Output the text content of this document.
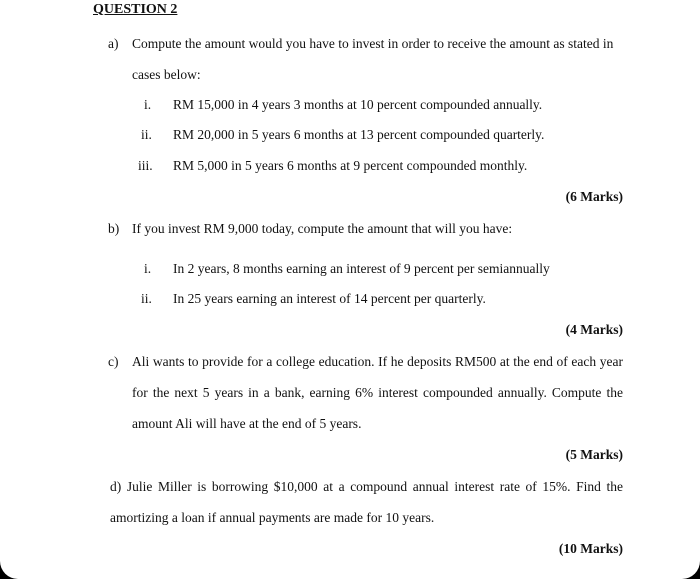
QUESTION 2
a) Compute the amount would you have to invest in order to receive the amount as stated in
cases below:
i. RM 15,000 in 4 years 3 months at 10 percent compounded annually.
ii. RM 20,000 in 5 years 6 months at 13 percent compounded quarterly.
iii. RM 5,000 in 5 years 6 months at 9 percent compounded monthly.
(6 Marks)
b) If you invest RM 9,000 today, compute the amount that will you have:
i. In 2 years, 8 months earning an interest of 9 percent per semiannually
ii. In 25 years earning an interest of 14 percent per quarterly.
(4 Marks)
c) Ali wants to provide for a college education. If he deposits RM500 at the end of each year
for the next 5 years in a bank, earning 6% interest compounded annually. Compute the
amount Ali will have at the end of 5 years.
(5 Marks)
d) Julie Miller is borrowing $10,000 at a compound annual interest rate of 15%. Find the
amortizing a loan if annual payments are made for 10 years.
(10 Marks)
